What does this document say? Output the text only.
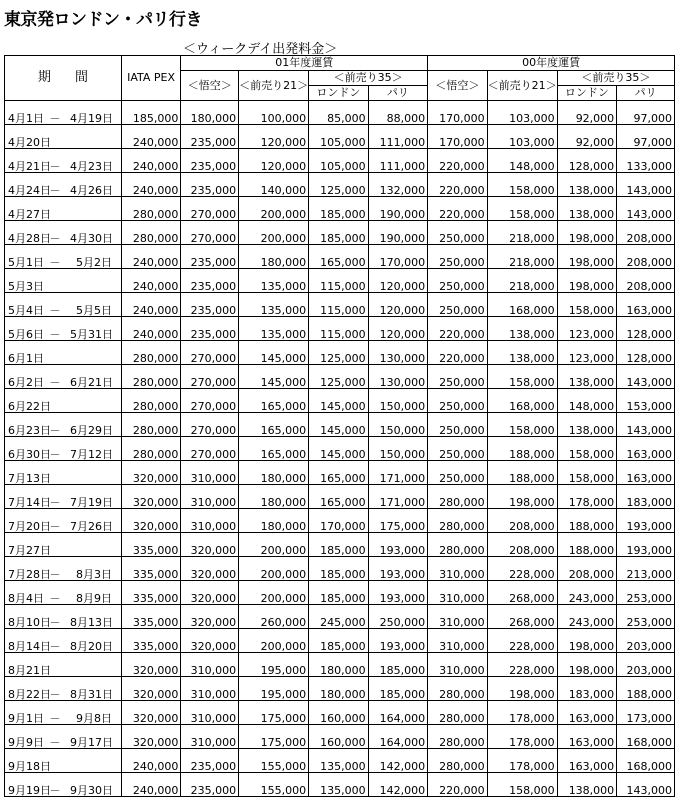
東京発ロンドン・パリ行き
＜ウィークデイ出発料金＞
期 間	IATA PEX	01年度運賃				00年度運賃			
		＜悟空＞	＜前売り21＞	＜前売り35＞		＜悟空＞	＜前売り21＞	＜前売り35＞	
				ロンドン	パリ			ロンドン	パリ
4月1日 － 4月19日	185,000	180,000	100,000	85,000	88,000	170,000	103,000	92,000	97,000
4月20日	240,000	235,000	120,000	105,000	111,000	170,000	103,000	92,000	97,000
4月21日－ 4月23日	240,000	235,000	120,000	105,000	111,000	220,000	148,000	128,000	133,000
4月24日－ 4月26日	240,000	235,000	140,000	125,000	132,000	220,000	158,000	138,000	143,000
4月27日	280,000	270,000	200,000	185,000	190,000	220,000	158,000	138,000	143,000
4月28日－ 4月30日	280,000	270,000	200,000	185,000	190,000	250,000	218,000	198,000	208,000
5月1日 － 5月2日	240,000	235,000	180,000	165,000	170,000	250,000	218,000	198,000	208,000
5月3日	240,000	235,000	135,000	115,000	120,000	250,000	218,000	198,000	208,000
5月4日 － 5月5日	240,000	235,000	135,000	115,000	120,000	250,000	168,000	158,000	163,000
5月6日 － 5月31日	240,000	235,000	135,000	115,000	120,000	220,000	138,000	123,000	128,000
6月1日	280,000	270,000	145,000	125,000	130,000	220,000	138,000	123,000	128,000
6月2日 － 6月21日	280,000	270,000	145,000	125,000	130,000	250,000	158,000	138,000	143,000
6月22日	280,000	270,000	165,000	145,000	150,000	250,000	168,000	148,000	153,000
6月23日－ 6月29日	280,000	270,000	165,000	145,000	150,000	250,000	158,000	138,000	143,000
6月30日－ 7月12日	280,000	270,000	165,000	145,000	150,000	250,000	188,000	158,000	163,000
7月13日	320,000	310,000	180,000	165,000	171,000	250,000	188,000	158,000	163,000
7月14日－ 7月19日	320,000	310,000	180,000	165,000	171,000	280,000	198,000	178,000	183,000
7月20日－ 7月26日	320,000	310,000	180,000	170,000	175,000	280,000	208,000	188,000	193,000
7月27日	335,000	320,000	200,000	185,000	193,000	280,000	208,000	188,000	193,000
7月28日－ 8月3日	335,000	320,000	200,000	185,000	193,000	310,000	228,000	208,000	213,000
8月4日 － 8月9日	335,000	320,000	200,000	185,000	193,000	310,000	268,000	243,000	253,000
8月10日－ 8月13日	335,000	320,000	260,000	245,000	250,000	310,000	268,000	243,000	253,000
8月14日－ 8月20日	335,000	320,000	200,000	185,000	193,000	310,000	228,000	198,000	203,000
8月21日	320,000	310,000	195,000	180,000	185,000	310,000	228,000	198,000	203,000
8月22日－ 8月31日	320,000	310,000	195,000	180,000	185,000	280,000	198,000	183,000	188,000
9月1日 － 9月8日	320,000	310,000	175,000	160,000	164,000	280,000	178,000	163,000	173,000
9月9日 － 9月17日	320,000	310,000	175,000	160,000	164,000	280,000	178,000	163,000	168,000
9月18日	240,000	235,000	155,000	135,000	142,000	280,000	178,000	163,000	168,000
9月19日－ 9月30日	240,000	235,000	155,000	135,000	142,000	220,000	158,000	138,000	143,000
